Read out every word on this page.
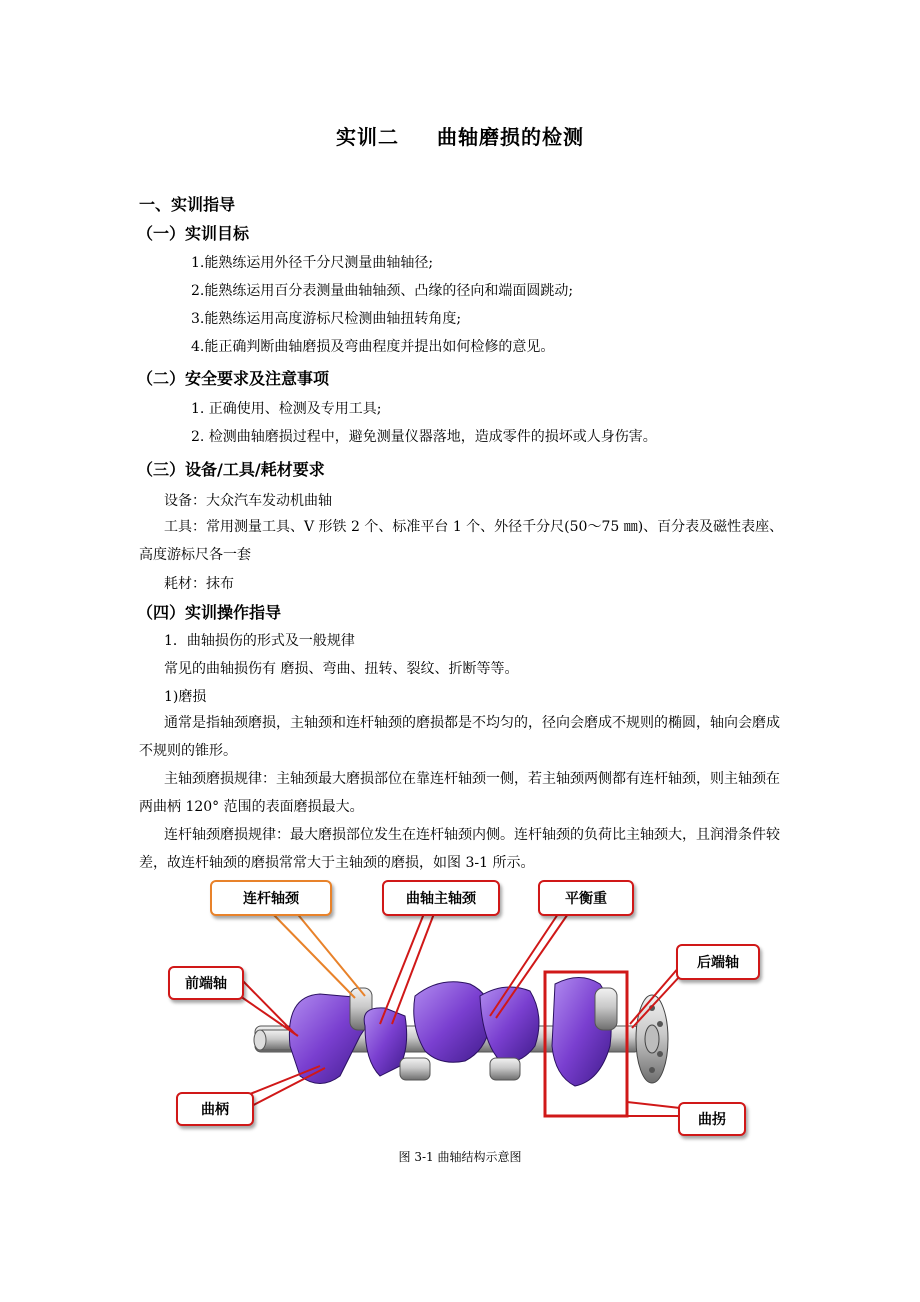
实训二 曲轴磨损的检测
一、实训指导
（一）实训目标
1.能熟练运用外径千分尺测量曲轴轴径;
2.能熟练运用百分表测量曲轴轴颈、凸缘的径向和端面圆跳动;
3.能熟练运用高度游标尺检测曲轴扭转角度;
4.能正确判断曲轴磨损及弯曲程度并提出如何检修的意见。
（二）安全要求及注意事项
1. 正确使用、检测及专用工具;
2. 检测曲轴磨损过程中，避免测量仪器落地，造成零件的损坏或人身伤害。
（三）设备/工具/耗材要求
设备：大众汽车发动机曲轴
工具：常用测量工具、V 形铁 2 个、标准平台 1 个、外径千分尺(50～75 ㎜)、百分表及磁性表座、高度游标尺各一套
耗材：抹布
（四）实训操作指导
1．曲轴损伤的形式及一般规律
常见的曲轴损伤有 磨损、弯曲、扭转、裂纹、折断等等。
1)磨损
通常是指轴颈磨损，主轴颈和连杆轴颈的磨损都是不均匀的，径向会磨成不规则的椭圆，轴向会磨成不规则的锥形。
主轴颈磨损规律：主轴颈最大磨损部位在靠连杆轴颈一侧，若主轴颈两侧都有连杆轴颈，则主轴颈在两曲柄 120° 范围的表面磨损最大。
连杆轴颈磨损规律：最大磨损部位发生在连杆轴颈内侧。连杆轴颈的负荷比主轴颈大，且润滑条件较差，故连杆轴颈的磨损常常大于主轴颈的磨损，如图 3-1 所示。
连杆轴颈	曲轴主轴颈	平衡重
前端轴
后端轴
曲柄
曲拐
图 3-1 曲轴结构示意图
